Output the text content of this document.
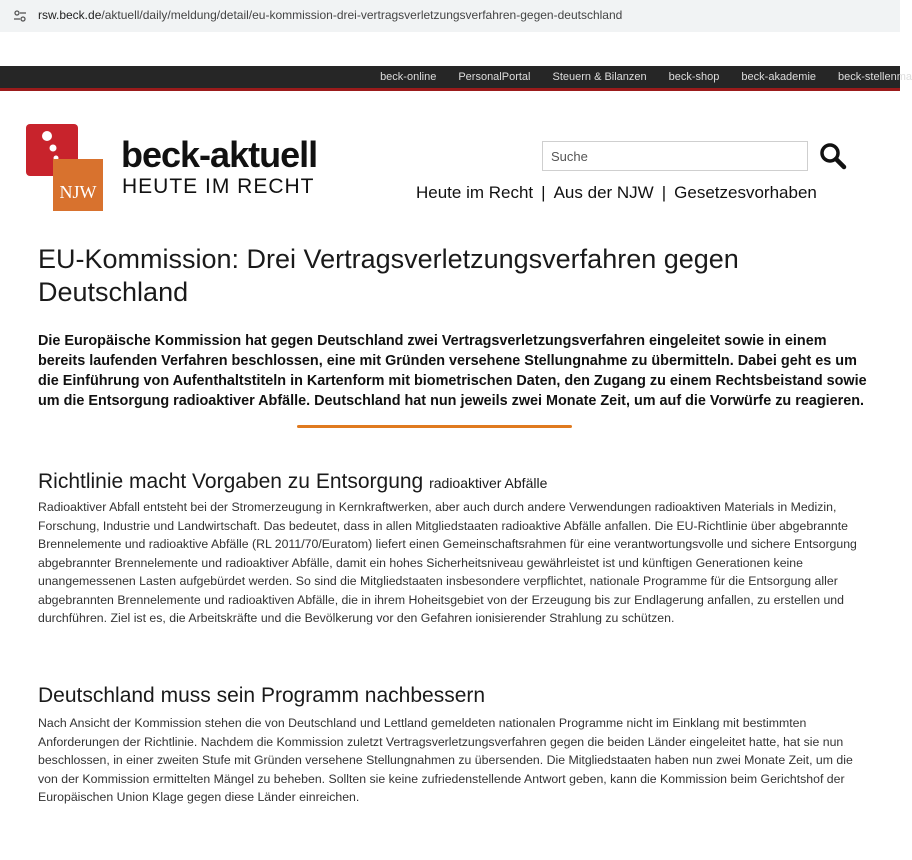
rsw.beck.de/aktuell/daily/meldung/detail/eu-kommission-drei-vertragsverletzungsverfahren-gegen-deutschland
beck-online PersonalPortal Steuern & Bilanzen beck-shop beck-akademie beck-stellenma
NJW
beck-aktuell
HEUTE IM RECHT
Suche	Heute im Recht | Aus der NJW | Gesetzesvorhaben
EU-Kommission: Drei Vertragsverletzungsverfahren gegen Deutschland

Die Europäische Kommission hat gegen Deutschland zwei Vertragsverletzungsverfahren eingeleitet sowie in einem bereits laufenden Verfahren beschlossen, eine mit Gründen versehene Stellungnahme zu übermitteln. Dabei geht es um die Einführung von Aufenthaltstiteln in Kartenform mit biometrischen Daten, den Zugang zu einem Rechtsbeistand sowie um die Entsorgung radioaktiver Abfälle. Deutschland hat nun jeweils zwei Monate Zeit, um auf die Vorwürfe zu reagieren.

Richtlinie macht Vorgaben zu Entsorgung radioaktiver Abfälle

Radioaktiver Abfall entsteht bei der Stromerzeugung in Kernkraftwerken, aber auch durch andere Verwendungen radioaktiven Materials in Medizin, Forschung, Industrie und Landwirtschaft. Das bedeutet, dass in allen Mitgliedstaaten radioaktive Abfälle anfallen. Die EU-Richtlinie über abgebrannte Brennelemente und radioaktive Abfälle (RL 2011/70/Euratom) liefert einen Gemeinschaftsrahmen für eine verantwortungsvolle und sichere Entsorgung abgebrannter Brennelemente und radioaktiver Abfälle, damit ein hohes Sicherheitsniveau gewährleistet ist und künftigen Generationen keine unangemessenen Lasten aufgebürdet werden. So sind die Mitgliedstaaten insbesondere verpflichtet, nationale Programme für die Entsorgung aller abgebrannten Brennelemente und radioaktiven Abfälle, die in ihrem Hoheitsgebiet von der Erzeugung bis zur Endlagerung anfallen, zu erstellen und durchführen. Ziel ist es, die Arbeitskräfte und die Bevölkerung vor den Gefahren ionisierender Strahlung zu schützen.

Deutschland muss sein Programm nachbessern

Nach Ansicht der Kommission stehen die von Deutschland und Lettland gemeldeten nationalen Programme nicht im Einklang mit bestimmten Anforderungen der Richtlinie. Nachdem die Kommission zuletzt Vertragsverletzungsverfahren gegen die beiden Länder eingeleitet hatte, hat sie nun beschlossen, in einer zweiten Stufe mit Gründen versehene Stellungnahmen zu übersenden. Die Mitgliedstaaten haben nun zwei Monate Zeit, um die von der Kommission ermittelten Mängel zu beheben. Sollten sie keine zufriedenstellende Antwort geben, kann die Kommission beim Gerichtshof der Europäischen Union Klage gegen diese Länder einreichen.
